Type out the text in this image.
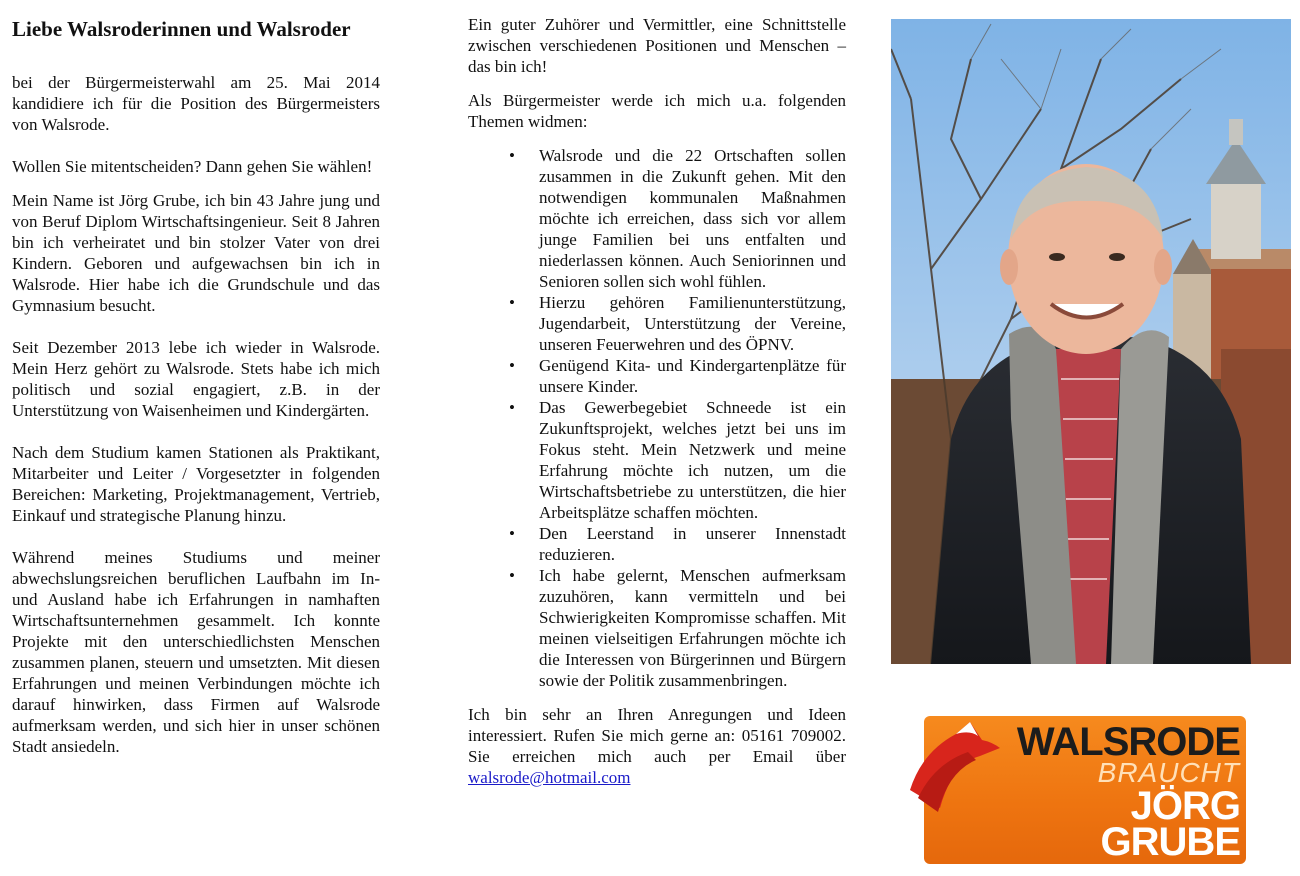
Liebe Walsroderinnen und Walsroder

bei der Bürgermeisterwahl am 25. Mai 2014 kandidiere ich für die Position des Bürgermeisters von Walsrode.

Wollen Sie mitentscheiden? Dann gehen Sie wählen!

Mein Name ist Jörg Grube, ich bin 43 Jahre jung und von Beruf Diplom Wirtschaftsingenieur. Seit 8 Jahren bin ich verheiratet und bin stolzer Vater von drei Kindern. Geboren und aufgewachsen bin ich in Walsrode. Hier habe ich die Grundschule und das Gymnasium besucht.

Seit Dezember 2013 lebe ich wieder in Walsrode. Mein Herz gehört zu Walsrode. Stets habe ich mich politisch und sozial engagiert, z.B. in der Unterstützung von Waisenheimen und Kindergärten.

Nach dem Studium kamen Stationen als Praktikant, Mitarbeiter und Leiter / Vorgesetzter in folgenden Bereichen: Marketing, Projektmanagement, Vertrieb, Einkauf und strategische Planung hinzu.

Während meines Studiums und meiner abwechslungsreichen beruflichen Laufbahn im In- und Ausland habe ich Erfahrungen in namhaften Wirtschaftsunternehmen gesammelt. Ich konnte Projekte mit den unterschiedlichsten Menschen zusammen planen, steuern und umsetzten. Mit diesen Erfahrungen und meinen Verbindungen möchte ich darauf hinwirken, dass Firmen auf Walsrode aufmerksam werden, und sich hier in unser schönen Stadt ansiedeln.

Ein guter Zuhörer und Vermittler, eine Schnittstelle zwischen verschiedenen Positionen und Menschen – das bin ich!

Als Bürgermeister werde ich mich u.a. folgenden Themen widmen:

• Walsrode und die 22 Ortschaften sollen zusammen in die Zukunft gehen. Mit den notwendigen kommunalen Maßnahmen möchte ich erreichen, dass sich vor allem junge Familien bei uns entfalten und niederlassen können. Auch Seniorinnen und Senioren sollen sich wohl fühlen.
• Hierzu gehören Familienunterstützung, Jugendarbeit, Unterstützung der Vereine, unseren Feuerwehren und des ÖPNV.
• Genügend Kita- und Kindergartenplätze für unsere Kinder.
• Das Gewerbegebiet Schneede ist ein Zukunftsprojekt, welches jetzt bei uns im Fokus steht. Mein Netzwerk und meine Erfahrung möchte ich nutzen, um die Wirtschaftsbetriebe zu unterstützen, die hier Arbeitsplätze schaffen möchten.
• Den Leerstand in unserer Innenstadt reduzieren.
• Ich habe gelernt, Menschen aufmerksam zuzuhören, kann vermitteln und bei Schwierigkeiten Kompromisse schaffen. Mit meinen vielseitigen Erfahrungen möchte ich die Interessen von Bürgerinnen und Bürgern sowie der Politik zusammenbringen.

Ich bin sehr an Ihren Anregungen und Ideen interessiert. Rufen Sie mich gerne an: 05161 709002. Sie erreichen mich auch per Email über walsrode@hotmail.com

WALSRODE
BRAUCHT
JÖRG
GRUBE
